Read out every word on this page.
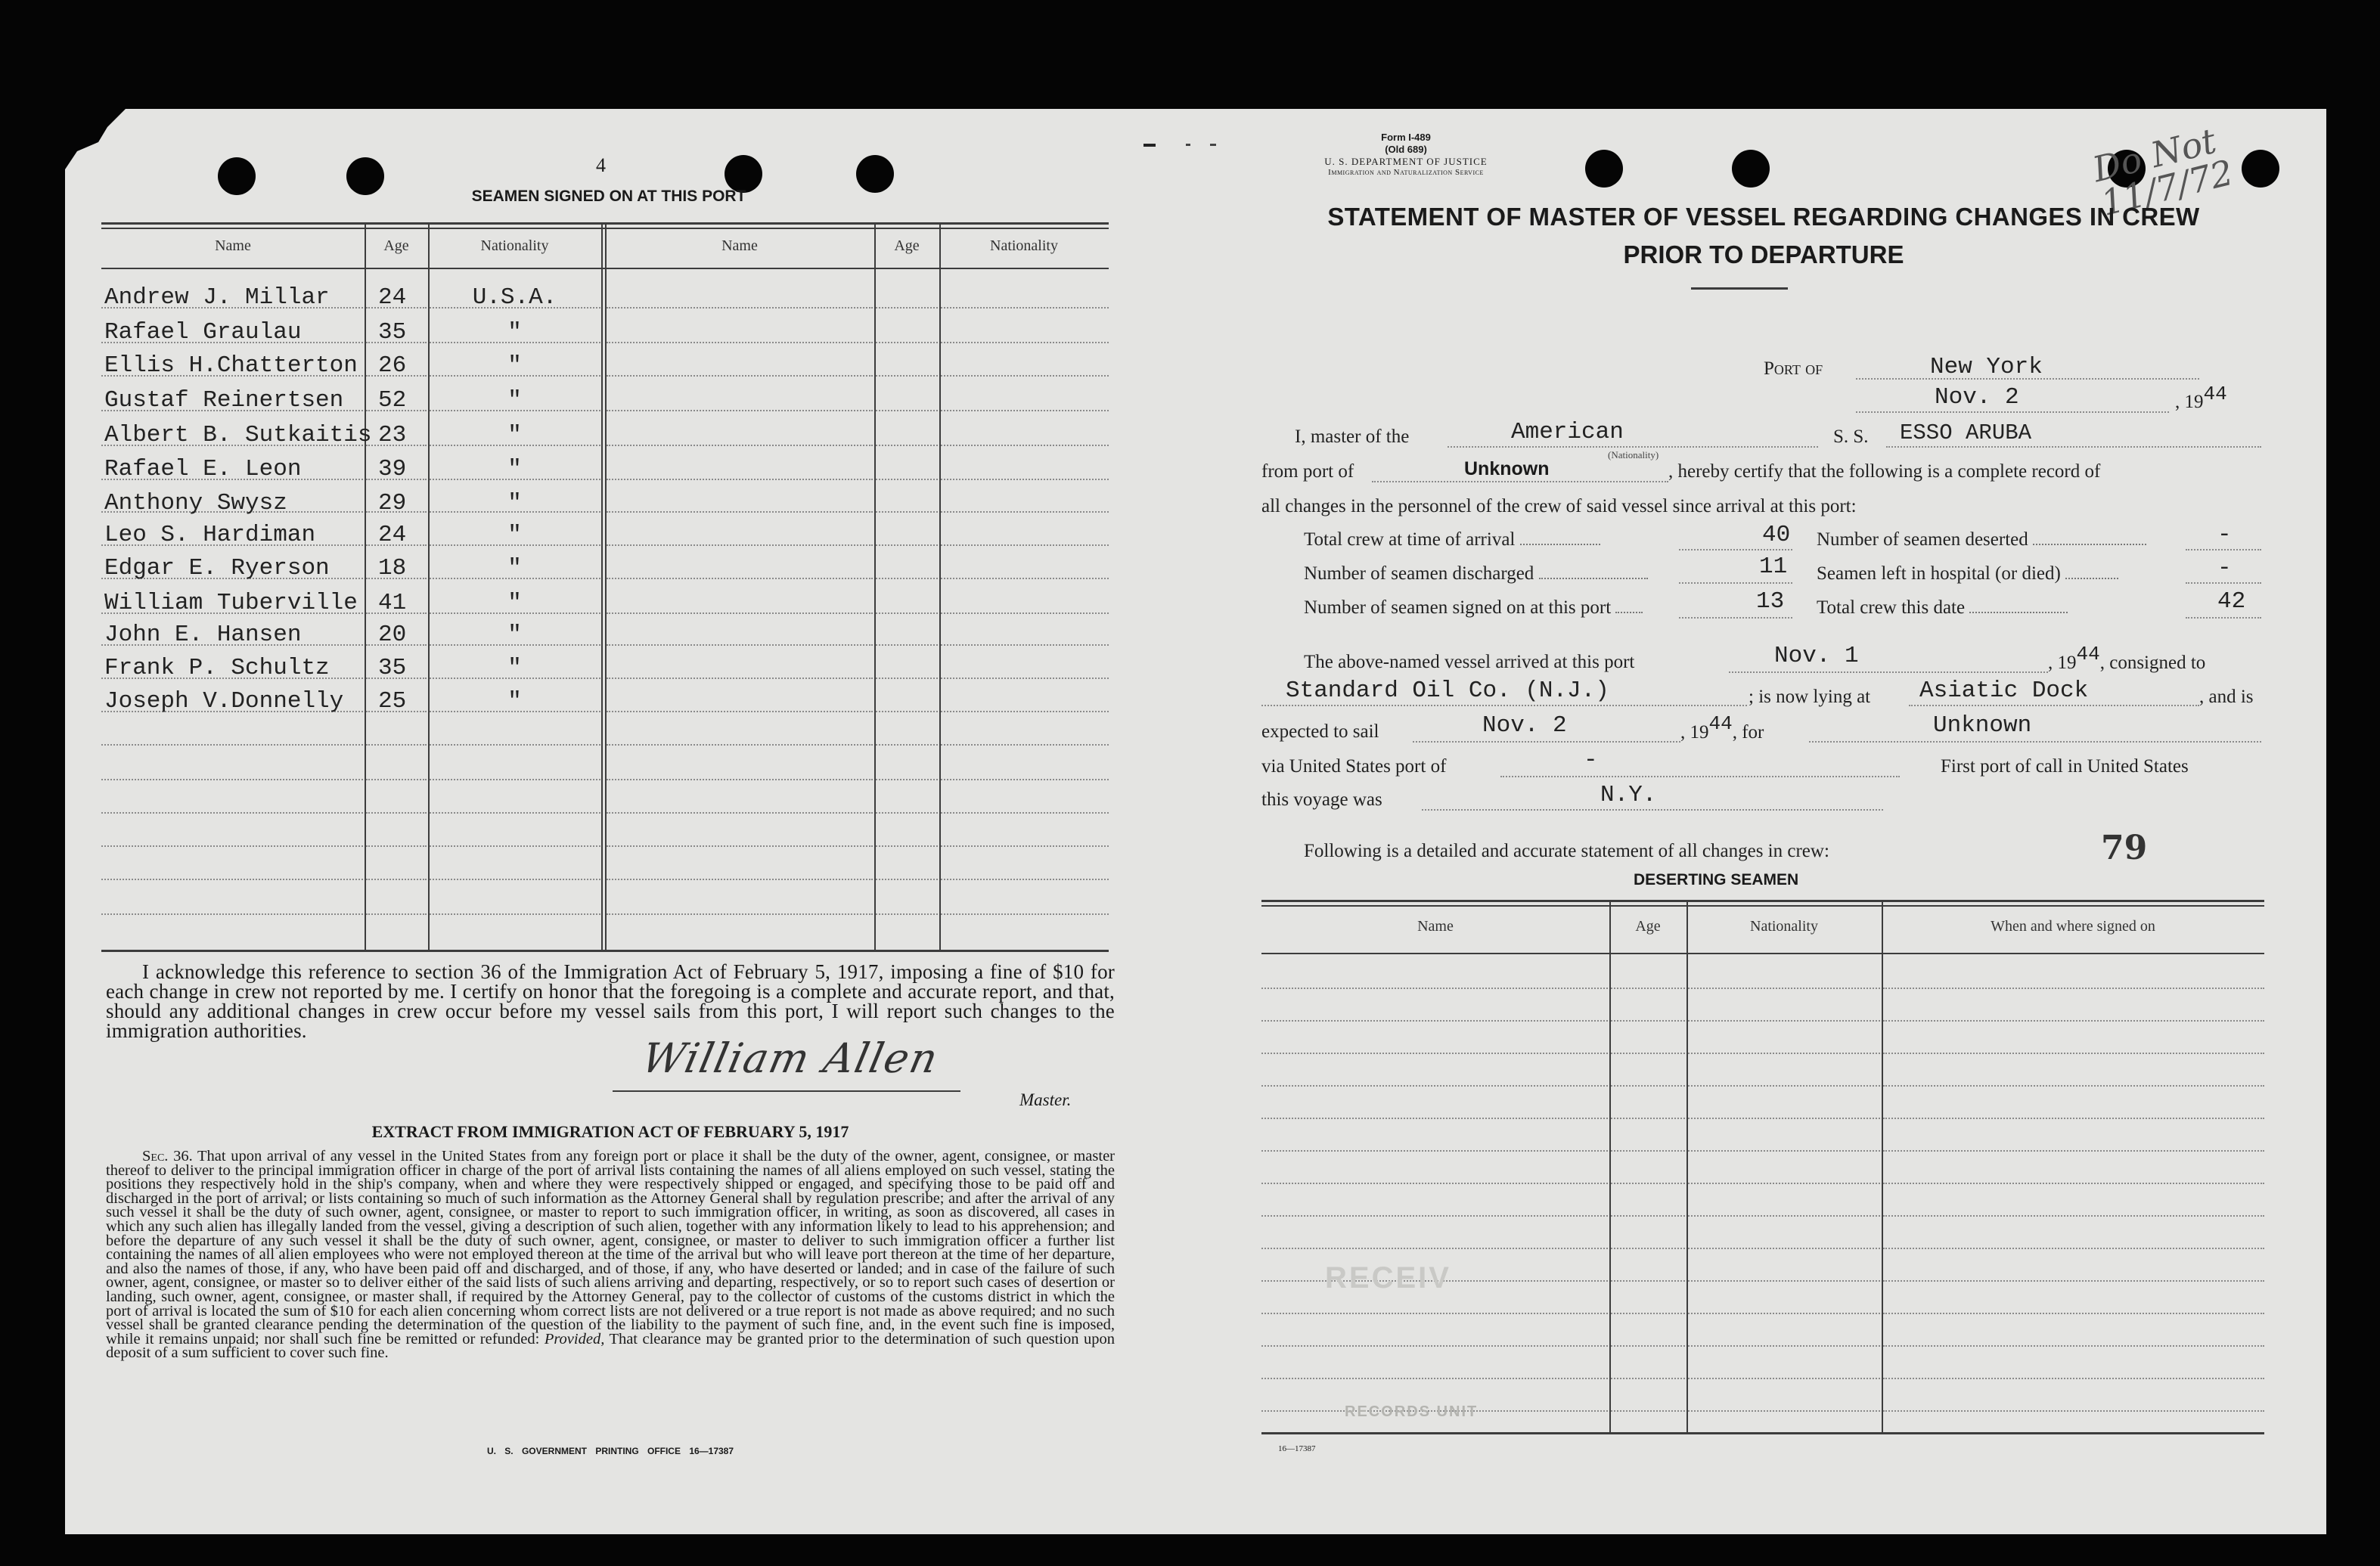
4
SEAMEN SIGNED ON AT THIS PORT
Name	Age	Nationality	Name	Age	Nationality
Andrew J. Millar 24	U.S.A.
Rafael Graulau	35	"
Ellis H.Chatterton 26	"
Gustaf Reinertsen 52	"
Albert B. Sutkaitis 23	"
Rafael E. Leon	39	"
Anthony Swysz	29	"
Leo S. Hardiman	24	"
Edgar E. Ryerson 18	"
William Tuberville 41	"
John E. Hansen	20	"
Frank P. Schultz 35	"
Joseph V.Donnelly 25	"
I acknowledge this reference to section 36 of the Immigration Act of February 5, 1917, imposing a fine of $10 for each change in crew not reported by me. I certify on honor that the foregoing is a complete and accurate report, and that, should any additional changes in crew occur before my vessel sails from this port, I will report such changes to the immigration authorities.
William Allen
Master.
EXTRACT FROM IMMIGRATION ACT OF FEBRUARY 5, 1917
Sec. 36. That upon arrival of any vessel in the United States from any foreign port or place it shall be the duty of the owner, agent, consignee, or master thereof to deliver to the principal immigration officer in charge of the port of arrival lists containing the names of all aliens employed on such vessel, stating the positions they respectively hold in the ship's company, when and where they were respectively shipped or engaged, and specifying those to be paid off and discharged in the port of arrival; or lists containing so much of such information as the Attorney General shall by regulation prescribe; and after the arrival of any such vessel it shall be the duty of such owner, agent, consignee, or master to report to such immigration officer, in writing, as soon as discovered, all cases in which any such alien has illegally landed from the vessel, giving a description of such alien, together with any information likely to lead to his apprehension; and before the departure of any such vessel it shall be the duty of such owner, agent, consignee, or master to deliver to such immigration officer a further list containing the names of all alien employees who were not employed thereon at the time of the arrival but who will leave port thereon at the time of her departure, and also the names of those, if any, who have been paid off and discharged, and of those, if any, who have deserted or landed; and in case of the failure of such owner, agent, consignee, or master so to deliver either of the said lists of such aliens arriving and departing, respectively, or so to report such cases of desertion or landing, such owner, agent, consignee, or master shall, if required by the Attorney General, pay to the collector of customs of the customs district in which the port of arrival is located the sum of $10 for each alien concerning whom correct lists are not delivered or a true report is not made as above required; and no such vessel shall be granted clearance pending the determination of the question of the liability to the payment of such fine, and, in the event such fine is imposed, while it remains unpaid; nor shall such fine be remitted or refunded: Provided, That clearance may be granted prior to the determination of such question upon deposit of a sum sufficient to cover such fine.
U. S. GOVERNMENT PRINTING OFFICE 16—17387
Form I-489
(Old 689)
U. S. DEPARTMENT OF JUSTICE
Immigration and Naturalization Service	Do Not 11/7/72
STATEMENT OF MASTER OF VESSEL REGARDING CHANGES IN CREW
PRIOR TO DEPARTURE
Port of	New York
Nov. 2	, 1944
I, master of the	American
(Nationality)
S. S. ESSO ARUBA
from port of	Unknown	, hereby certify that the following is a complete record of
all changes in the personnel of the crew of said vessel since arrival at this port:
Total crew at time of arrival	40
Number of seamen discharged	11
Number of seamen signed on at this port	13
Number of seamen deserted	-
Seamen left in hospital (or died)	-
Total crew this date	42
The above-named vessel arrived at this port	Nov. 1	, 1944, consigned to
Standard Oil Co. (N.J.)	; is now lying at Asiatic Dock	, and is
expected to sail	Nov. 2	, 1944, for	Unknown
via United States port of	-	First port of call in United States
this voyage was	N.Y.
Following is a detailed and accurate statement of all changes in crew:	79
DESERTING SEAMEN
Name	Age	Nationality	When and where signed on
RECEIV
RECORDS UNIT
16—17387
